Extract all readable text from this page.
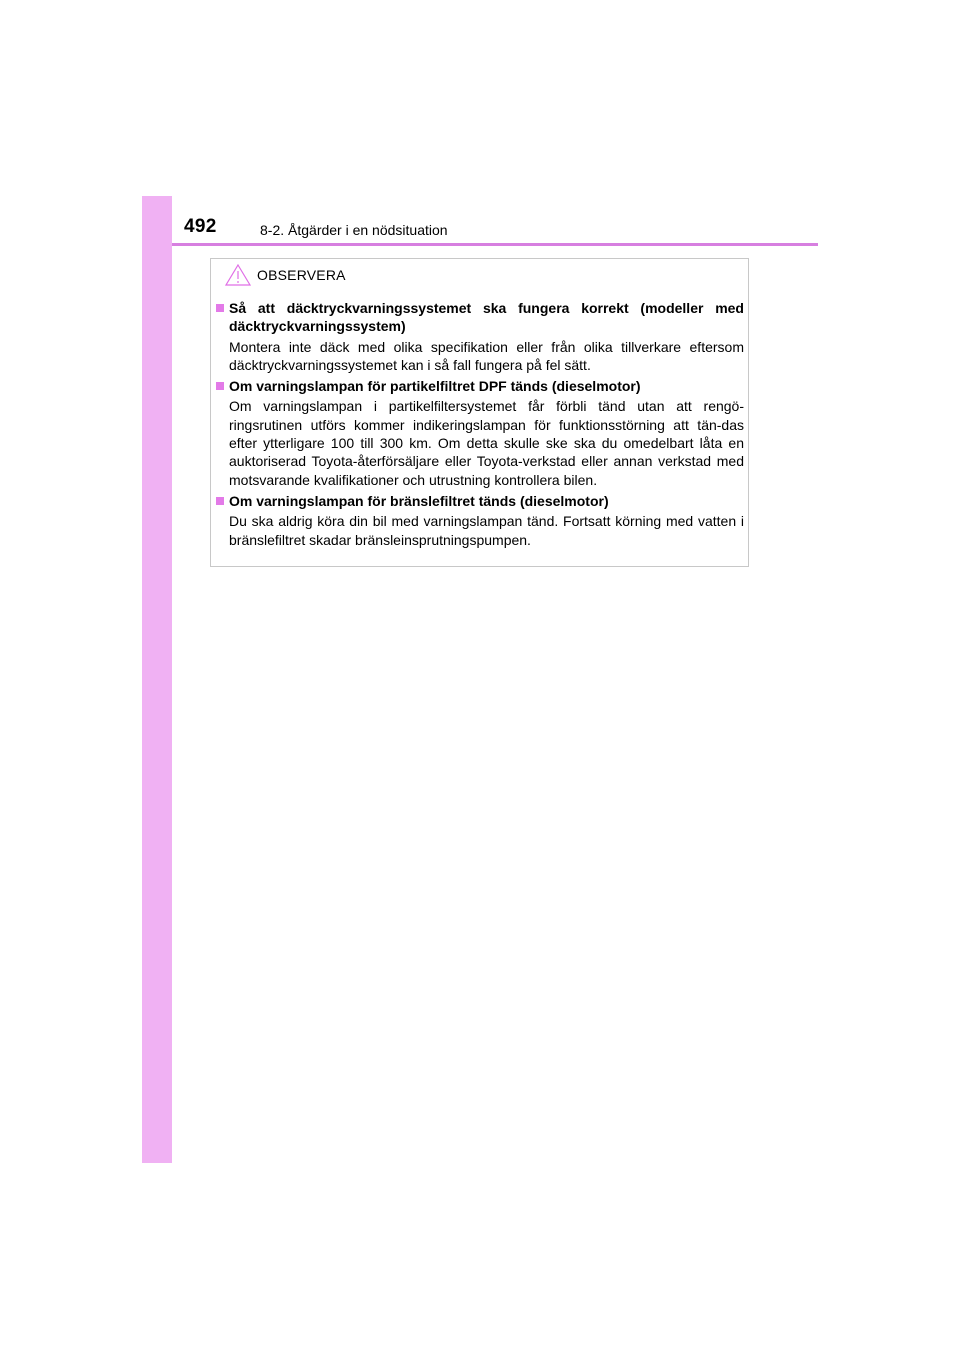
492	8-2. Åtgärder i en nödsituation
OBSERVERA
Så att däcktryckvarningssystemet ska fungera korrekt (modeller med däcktryckvarningssystem)
Montera inte däck med olika specifikation eller från olika tillverkare eftersom däcktryckvarningssystemet kan i så fall fungera på fel sätt.
Om varningslampan för partikelfiltret DPF tänds (dieselmotor)
Om varningslampan i partikelfiltersystemet får förbli tänd utan att rengö-ringsrutinen utförs kommer indikeringslampan för funktionsstörning att tän-das efter ytterligare 100 till 300 km. Om detta skulle ske ska du omedelbart låta en auktoriserad Toyota-återförsäljare eller Toyota-verkstad eller annan verkstad med motsvarande kvalifikationer och utrustning kontrollera bilen.
Om varningslampan för bränslefiltret tänds (dieselmotor)
Du ska aldrig köra din bil med varningslampan tänd. Fortsatt körning med vatten i bränslefiltret skadar bränsleinsprutningspumpen.
